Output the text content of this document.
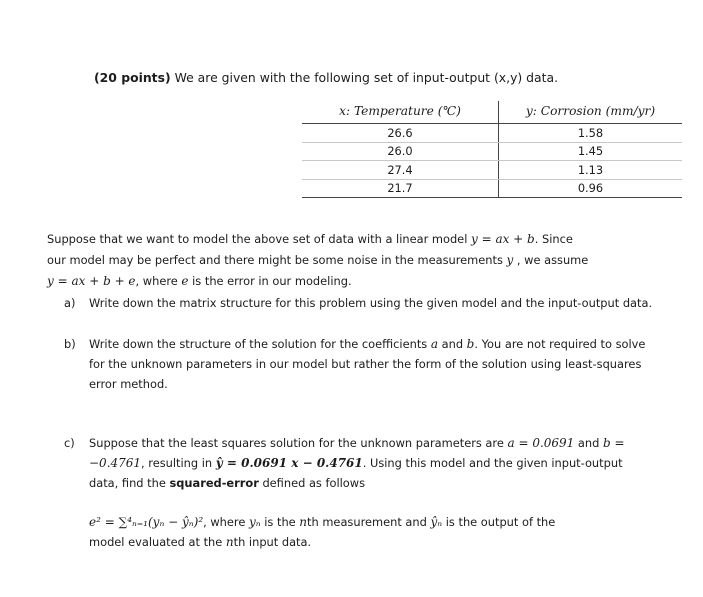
(20 points) We are given with the following set of input-output (x,y) data.
x: Temperature (℃)	y: Corrosion (mm/yr)
26.6	1.58
26.0	1.45
27.4	1.13
21.7	0.96
Suppose that we want to model the above set of data with a linear model y = ax + b. Since
our model may be perfect and there might be some noise in the measurements y , we assume
y = ax + b + e, where e is the error in our modeling.
a) Write down the matrix structure for this problem using the given model and the input-output data.
b) Write down the structure of the solution for the coefficients a and b. You are not required to solve for the unknown parameters in our model but rather the form of the solution using least-squares error method.
c) Suppose that the least squares solution for the unknown parameters are a = 0.0691 and b = −0.4761, resulting in ŷ = 0.0691 x − 0.4761. Using this model and the given input-output data, find the squared-error defined as follows
e² = ∑⁴ₙ₌₁(yₙ − ŷₙ)², where yₙ is the nth measurement and ŷₙ is the output of the
model evaluated at the nth input data.
